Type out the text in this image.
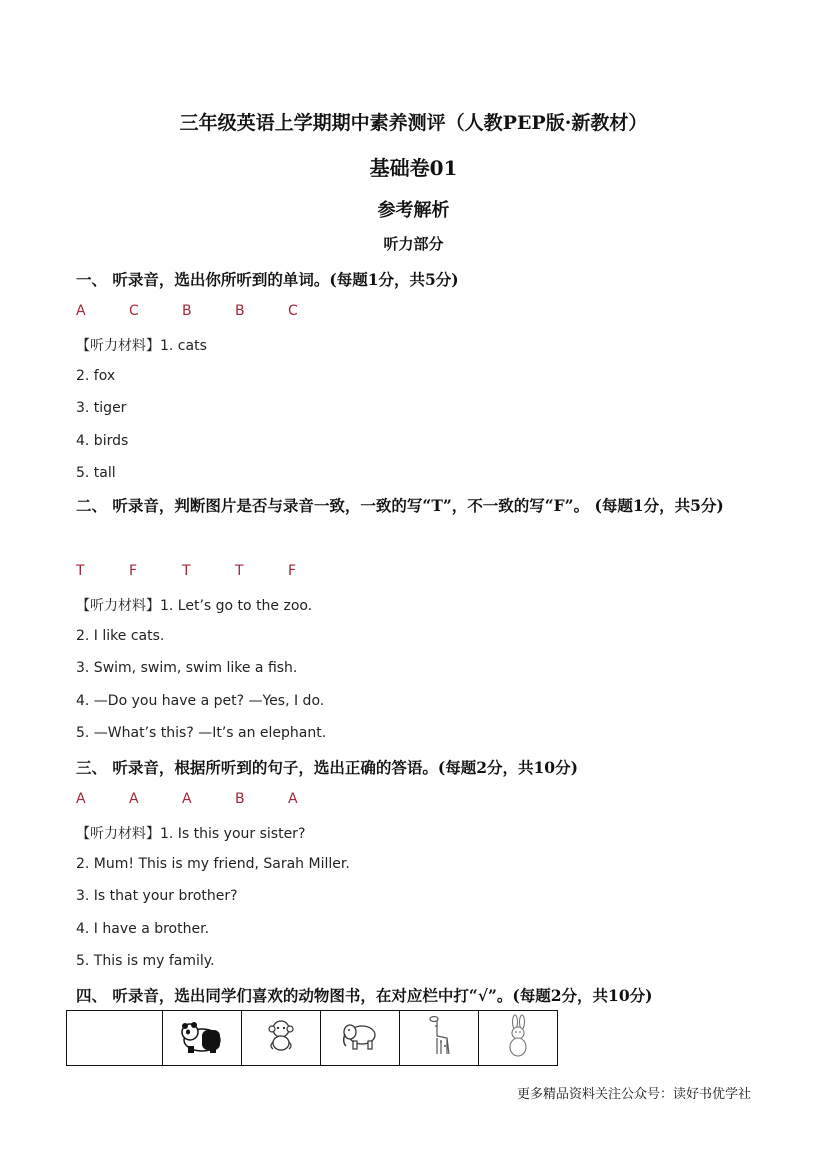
三年级英语上学期期中素养测评（人教PEP版·新教材）
基础卷01
参考解析
听力部分
一、 听录音，选出你所听到的单词。(每题1分，共5分)
A	C	B	B	C
【听力材料】1. cats
2. fox
3. tiger
4. birds
5. tall
二、 听录音，判断图片是否与录音一致，一致的写“T”，不一致的写“F”。 (每题1分，共5分)
T	F	T	T	F
【听力材料】1. Let’s go to the zoo.
2. I like cats.
3. Swim, swim, swim like a fish.
4. —Do you have a pet? —Yes, I do.
5. —What’s this? —It’s an elephant.
三、 听录音，根据所听到的句子，选出正确的答语。(每题2分，共10分)
A	A	A	B	A
【听力材料】1. Is this your sister?
2. Mum! This is my friend, Sarah Miller.
3. Is that your brother?
4. I have a brother.
5. This is my family.
四、 听录音，选出同学们喜欢的动物图书，在对应栏中打“√”。(每题2分，共10分)

更多精品资料关注公众号：读好书优学社
